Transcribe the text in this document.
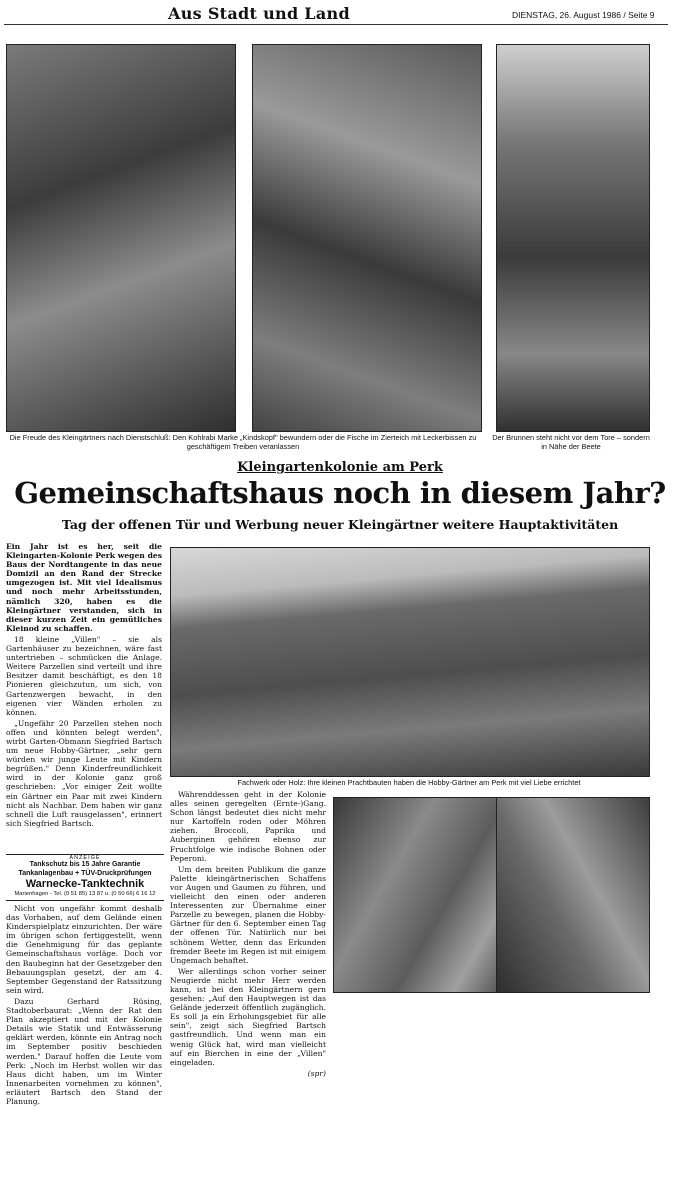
Aus Stadt und Land	DIENSTAG, 26. August 1986 / Seite 9
Die Freude des Kleingärtners nach Dienstschluß: Den Kohlrabi Marke „Kindskopf" bewundern oder die Fische im Zierteich mit Leckerbissen zu geschäftigem Treiben veranlassen
Der Brunnen steht nicht vor dem Tore – sondern in Nähe der Beete
Kleingartenkolonie am Perk
Gemeinschaftshaus noch in diesem Jahr?
Tag der offenen Tür und Werbung neuer Kleingärtner weitere Hauptaktivitäten

Ein Jahr ist es her, seit die Kleingarten-Kolonie Perk wegen des Baus der Nordtangente in das neue Domizil an den Rand der Strecke umgezogen ist. Mit viel Idealismus und noch mehr Arbeitsstunden, nämlich 320, haben es die Kleingärtner verstanden, sich in dieser kurzen Zeit ein gemütliches Kleinod zu schaffen.

18 kleine „Villen" – sie als Gartenhäuser zu bezeichnen, wäre fast untertrieben – schmücken die Anlage. Weitere Parzellen sind verteilt und ihre Besitzer damit beschäftigt, es den 18 Pionieren gleichzutun, um sich, von Gartenzwergen bewacht, in den eigenen vier Wänden erholen zu können.

„Ungefähr 20 Parzellen stehen noch offen und könnten belegt werden", wirbt Garten-Obmann Siegfried Bartsch um neue Hobby-Gärtner, „sehr gern würden wir junge Leute mit Kindern begrüßen." Denn Kinderfreundlichkeit wird in der Kolonie ganz groß geschrieben: „Vor einiger Zeit wollte ein Gärtner ein Paar mit zwei Kindern nicht als Nachbar. Dem haben wir ganz schnell die Luft rausgelassen", erinnert sich Siegfried Bartsch.

ANZEIGE
Tankschutz bis 15 Jahre Garantie
Tankanlagenbau + TÜV-Druckprüfungen
Warnecke-Tanktechnik
Marienhagen - Tel. (0 51 85) 13 87 u. (0 50 66) 6 16 12

Nicht von ungefähr kommt deshalb das Vorhaben, auf dem Gelände einen Kinderspielplatz einzurichten. Der wäre im übrigen schon fertiggestellt, wenn die Genehmigung für das geplante Gemeinschaftshaus vorläge. Doch vor den Baubeginn hat der Gesetzgeber den Bebauungsplan gesetzt, der am 4. September Gegenstand der Ratssitzung sein wird.

Dazu Gerhard Rüsing, Stadtoberbaurat: „Wenn der Rat den Plan akzeptiert und mit der Kolonie Details wie Statik und Entwässerung geklärt werden, könnte ein Antrag noch im September positiv beschieden werden." Darauf hoffen die Leute vom Perk: „Noch im Herbst wollen wir das Haus dicht haben, um im Winter Innenarbeiten vornehmen zu können", erläutert Bartsch den Stand der Planung.

Fachwerk oder Holz: Ihre kleinen Prachtbauten haben die Hobby-Gärtner am Perk mit viel Liebe errichtet

Währenddessen geht in der Kolonie alles seinen geregelten (Ernte-)Gang. Schon längst bedeutet dies nicht mehr nur Kartoffeln roden oder Möhren ziehen. Broccoli, Paprika und Auberginen gehören ebenso zur Fruchtfolge wie indische Bohnen oder Peperoni.

Um dem breiten Publikum die ganze Palette kleingärtnerischen Schaffens vor Augen und Gaumen zu führen, und vielleicht den einen oder anderen Interessenten zur Übernahme einer Parzelle zu bewegen, planen die Hobby-Gärtner für den 6. September einen Tag der offenen Tür. Natürlich nur bei schönem Wetter, denn das Erkunden fremder Beete im Regen ist mit einigem Ungemach behaftet.

Wer allerdings schon vorher seiner Neugierde nicht mehr Herr werden kann, ist bei den Kleingärtnern gern gesehen: „Auf den Hauptwegen ist das Gelände jederzeit öffentlich zugänglich. Es soll ja ein Erholungsgebiet für alle sein", zeigt sich Siegfried Bartsch gastfreundlich. Und wenn man ein wenig Glück hat, wird man vielleicht auf ein Bierchen in eine der „Villen" eingeladen.

(spr)
